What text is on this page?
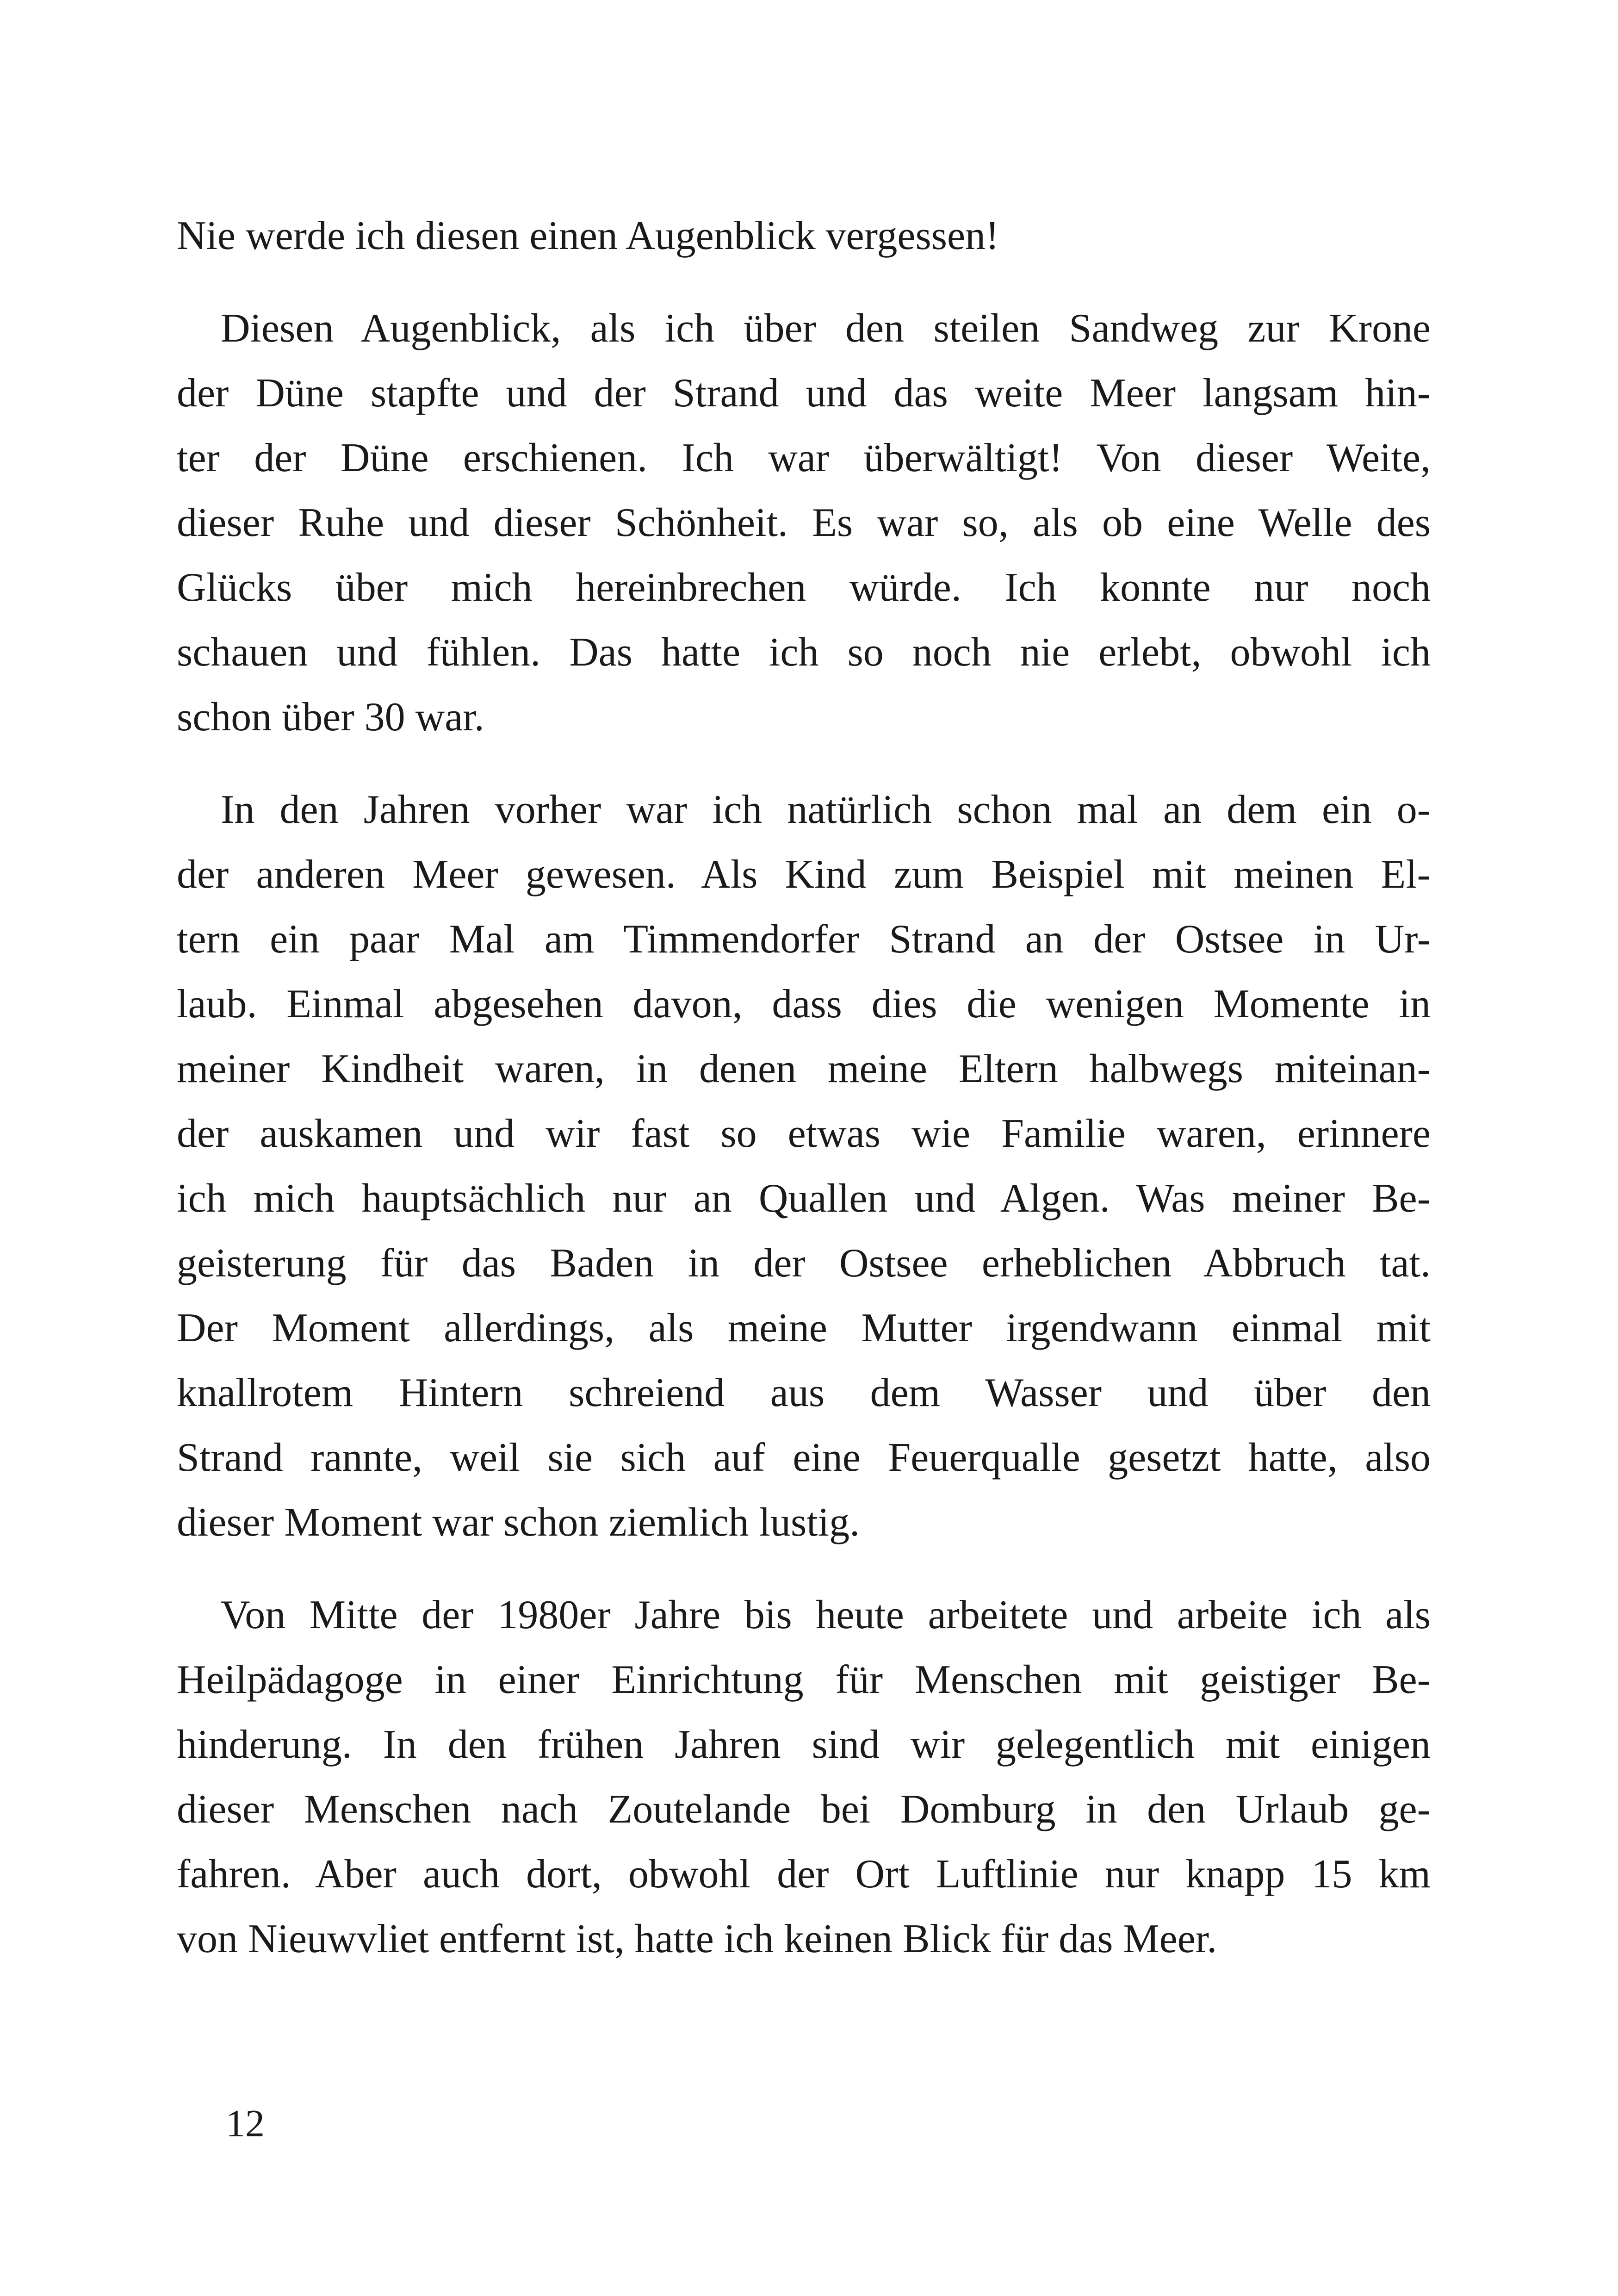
Nie werde ich diesen einen Augenblick vergessen!
Diesen Augenblick, als ich über den steilen Sandweg zur Krone
der Düne stapfte und der Strand und das weite Meer langsam hin-
ter der Düne erschienen. Ich war überwältigt! Von dieser Weite,
dieser Ruhe und dieser Schönheit. Es war so, als ob eine Welle des
Glücks über mich hereinbrechen würde. Ich konnte nur noch
schauen und fühlen. Das hatte ich so noch nie erlebt, obwohl ich
schon über 30 war.
In den Jahren vorher war ich natürlich schon mal an dem ein o-
der anderen Meer gewesen. Als Kind zum Beispiel mit meinen El-
tern ein paar Mal am Timmendorfer Strand an der Ostsee in Ur-
laub. Einmal abgesehen davon, dass dies die wenigen Momente in
meiner Kindheit waren, in denen meine Eltern halbwegs miteinan-
der auskamen und wir fast so etwas wie Familie waren, erinnere
ich mich hauptsächlich nur an Quallen und Algen. Was meiner Be-
geisterung für das Baden in der Ostsee erheblichen Abbruch tat.
Der Moment allerdings, als meine Mutter irgendwann einmal mit
knallrotem Hintern schreiend aus dem Wasser und über den
Strand rannte, weil sie sich auf eine Feuerqualle gesetzt hatte, also
dieser Moment war schon ziemlich lustig.
Von Mitte der 1980er Jahre bis heute arbeitete und arbeite ich als
Heilpädagoge in einer Einrichtung für Menschen mit geistiger Be-
hinderung. In den frühen Jahren sind wir gelegentlich mit einigen
dieser Menschen nach Zoutelande bei Domburg in den Urlaub ge-
fahren. Aber auch dort, obwohl der Ort Luftlinie nur knapp 15 km
von Nieuwvliet entfernt ist, hatte ich keinen Blick für das Meer.
12
